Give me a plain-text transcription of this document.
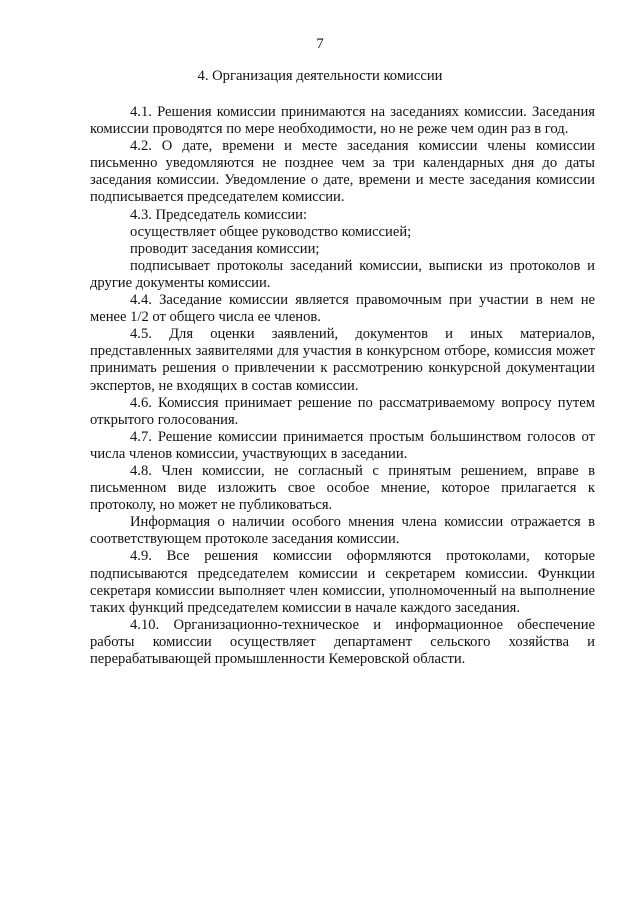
7
4. Организация деятельности комиссии

4.1. Решения комиссии принимаются на заседаниях комиссии. Заседания комиссии проводятся по мере необходимости, но не реже чем один раз в год.

4.2. О дате, времени и месте заседания комиссии члены комиссии письменно уведомляются не позднее чем за три календарных дня до даты заседания комиссии. Уведомление о дате, времени и месте заседания комиссии подписывается председателем комиссии.

4.3. Председатель комиссии:

осуществляет общее руководство комиссией;

проводит заседания комиссии;

подписывает протоколы заседаний комиссии, выписки из протоколов и другие документы комиссии.

4.4. Заседание комиссии является правомочным при участии в нем не менее 1/2 от общего числа ее членов.

4.5. Для оценки заявлений, документов и иных материалов, представленных заявителями для участия в конкурсном отборе, комиссия может принимать решения о привлечении к рассмотрению конкурсной документации экспертов, не входящих в состав комиссии.

4.6. Комиссия принимает решение по рассматриваемому вопросу путем открытого голосования.

4.7. Решение комиссии принимается простым большинством голосов от числа членов комиссии, участвующих в заседании.

4.8. Член комиссии, не согласный с принятым решением, вправе в письменном виде изложить свое особое мнение, которое прилагается к протоколу, но может не публиковаться.

Информация о наличии особого мнения члена комиссии отражается в соответствующем протоколе заседания комиссии.

4.9. Все решения комиссии оформляются протоколами, которые подписываются председателем комиссии и секретарем комиссии. Функции секретаря комиссии выполняет член комиссии, уполномоченный на выполнение таких функций председателем комиссии в начале каждого заседания.

4.10. Организационно-техническое и информационное обеспечение работы комиссии осуществляет департамент сельского хозяйства и перерабатывающей промышленности Кемеровской области.
